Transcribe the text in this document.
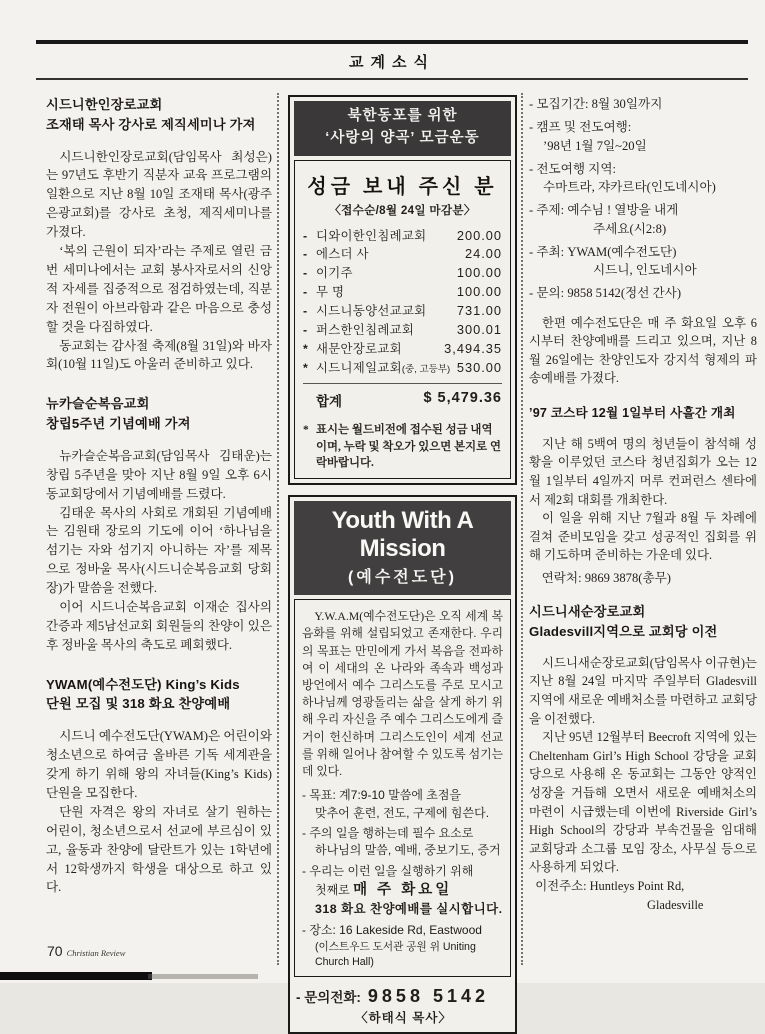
교계소식
시드니한인장로교회
조재태 목사 강사로 제직세미나 가져

시드니한인장로교회(담임목사 최성은)는 97년도 후반기 직분자 교육 프로그램의 일환으로 지난 8월 10일 조재태 목사(광주은광교회)를 강사로 초청, 제직세미나를 가졌다.

‘복의 근원이 되자’라는 주제로 열린 금번 세미나에서는 교회 봉사자로서의 신앙적 자세를 집중적으로 점검하였는데, 직분자 전원이 아브라함과 같은 마음으로 충성할 것을 다짐하였다.

동교회는 감사절 축제(8월 31일)와 바자회(10월 11일)도 아울러 준비하고 있다.

뉴카슬순복음교회
창립5주년 기념예배 가져

뉴카슬순복음교회(담임목사 김태운)는 창립 5주년을 맞아 지난 8월 9일 오후 6시 동교회당에서 기념예배를 드렸다.

김태운 목사의 사회로 개회된 기념예배는 김원태 장로의 기도에 이어 ‘하나님을 섬기는 자와 섬기지 아니하는 자’를 제목으로 정바울 목사(시드니순복음교회 당회장)가 말씀을 전했다.

이어 시드니순복음교회 이재순 집사의 간증과 제5남선교회 회원들의 찬양이 있은 후 정바울 목사의 축도로 폐회했다.

YWAM(예수전도단) King’s Kids
단원 모집 및 318 화요 찬양예배

시드니 예수전도단(YWAM)은 어린이와 청소년으로 하여금 올바른 기독 세계관을 갖게 하기 위해 왕의 자녀들(King’s Kids) 단원을 모집한다.

단원 자격은 왕의 자녀로 살기 원하는 어린이, 청소년으로서 선교에 부르심이 있고, 율동과 찬양에 달란트가 있는 1학년에서 12학생까지 학생을 대상으로 하고 있다.

북한동포를 위한
‘사랑의 양곡’ 모금운동
성금 보내 주신 분
〈접수순/8월 24일 마감분〉
- 디와이한인침례교회 200.00
- 에스더 사	24.00
- 이기주	100.00
- 무 명	100.00
- 시드니동양선교교회 731.00
- 퍼스한인침례교회	300.01
* 새문안장로교회	3,494.35
* 시드니제일교회 (중, 고등부) 530.00
합계	$ 5,479.36
* 표시는 월드비전에 접수된 성금 내역이며, 누락 및 착오가 있으면 본지로 연락바랍니다.
Youth With A Mission
(예수전도단)

Y.W.A.M(예수전도단)은 오직 세계 복음화를 위해 설립되었고 존재한다. 우리의 목표는 만민에게 가서 복음을 전파하여 이 세대의 온 나라와 족속과 백성과 방언에서 예수 그리스도를 주로 모시고 하나님께 영광돌리는 삶을 살게 하기 위해 우리 자신을 주 예수 그리스도에게 즐거이 헌신하며 그리스도인이 세계 선교를 위해 일어나 참여할 수 있도록 섬기는데 있다.

- 목표: 계7:9-10 말씀에 초점을
맞추어 훈련, 전도, 구제에 힘쓴다.
- 주의 일을 행하는데 필수 요소로
하나님의 말씀, 예배, 중보기도, 증거
- 우리는 이런 일을 실행하기 위해
첫째로 매 주 화요일
318 화요 찬양예배를 실시합니다.
- 장소: 16 Lakeside Rd, Eastwood
(이스트우드 도서관 공원 위 Uniting Church Hall)
- 문의전화: 9858 5142
〈하태식 목사〉
- 모집기간: 8월 30일까지
- 캠프 및 전도여행:
’98년 1월 7일~20일
- 전도여행 지역:
수마트라, 쟈카르타(인도네시아)
- 주제: 예수님 ! 열방을 내게
주세요(시2:8)
- 주최: YWAM(예수전도단)
시드니, 인도네시아
- 문의: 9858 5142(정선 간사)

한편 예수전도단은 매 주 화요일 오후 6시부터 찬양예배를 드리고 있으며, 지난 8월 26일에는 찬양인도자 강지석 형제의 파송예배를 가졌다.

’97 코스타 12월 1일부터 사흘간 개최

지난 해 5백여 명의 청년들이 참석해 성황을 이루었던 코스타 청년집회가 오는 12월 1일부터 4일까지 머루 컨퍼런스 센타에서 제2회 대회를 개최한다.

이 일을 위해 지난 7월과 8월 두 차례에 걸쳐 준비모임을 갖고 성공적인 집회를 위해 기도하며 준비하는 가운데 있다.

연락처: 9869 3878(총무)
시드니새순장로교회
Gladesvill지역으로 교회당 이전

시드니새순장로교회(담임목사 이규현)는 지난 8월 24일 마지막 주일부터 Gladesvill지역에 새로운 예배처소를 마련하고 교회당을 이전했다.

지난 95년 12월부터 Beecroft 지역에 있는 Cheltenham Girl’s High School 강당을 교회당으로 사용해 온 동교회는 그동안 양적인 성장을 거듭해 오면서 새로운 예배처소의 마련이 시급했는데 이번에 Riverside Girl’s High School의 강당과 부속건물을 임대해 교회당과 소그룹 모임 장소, 사무실 등으로 사용하게 되었다.

이전주소: Huntleys Point Rd,

Gladesville

70 Christian Review
